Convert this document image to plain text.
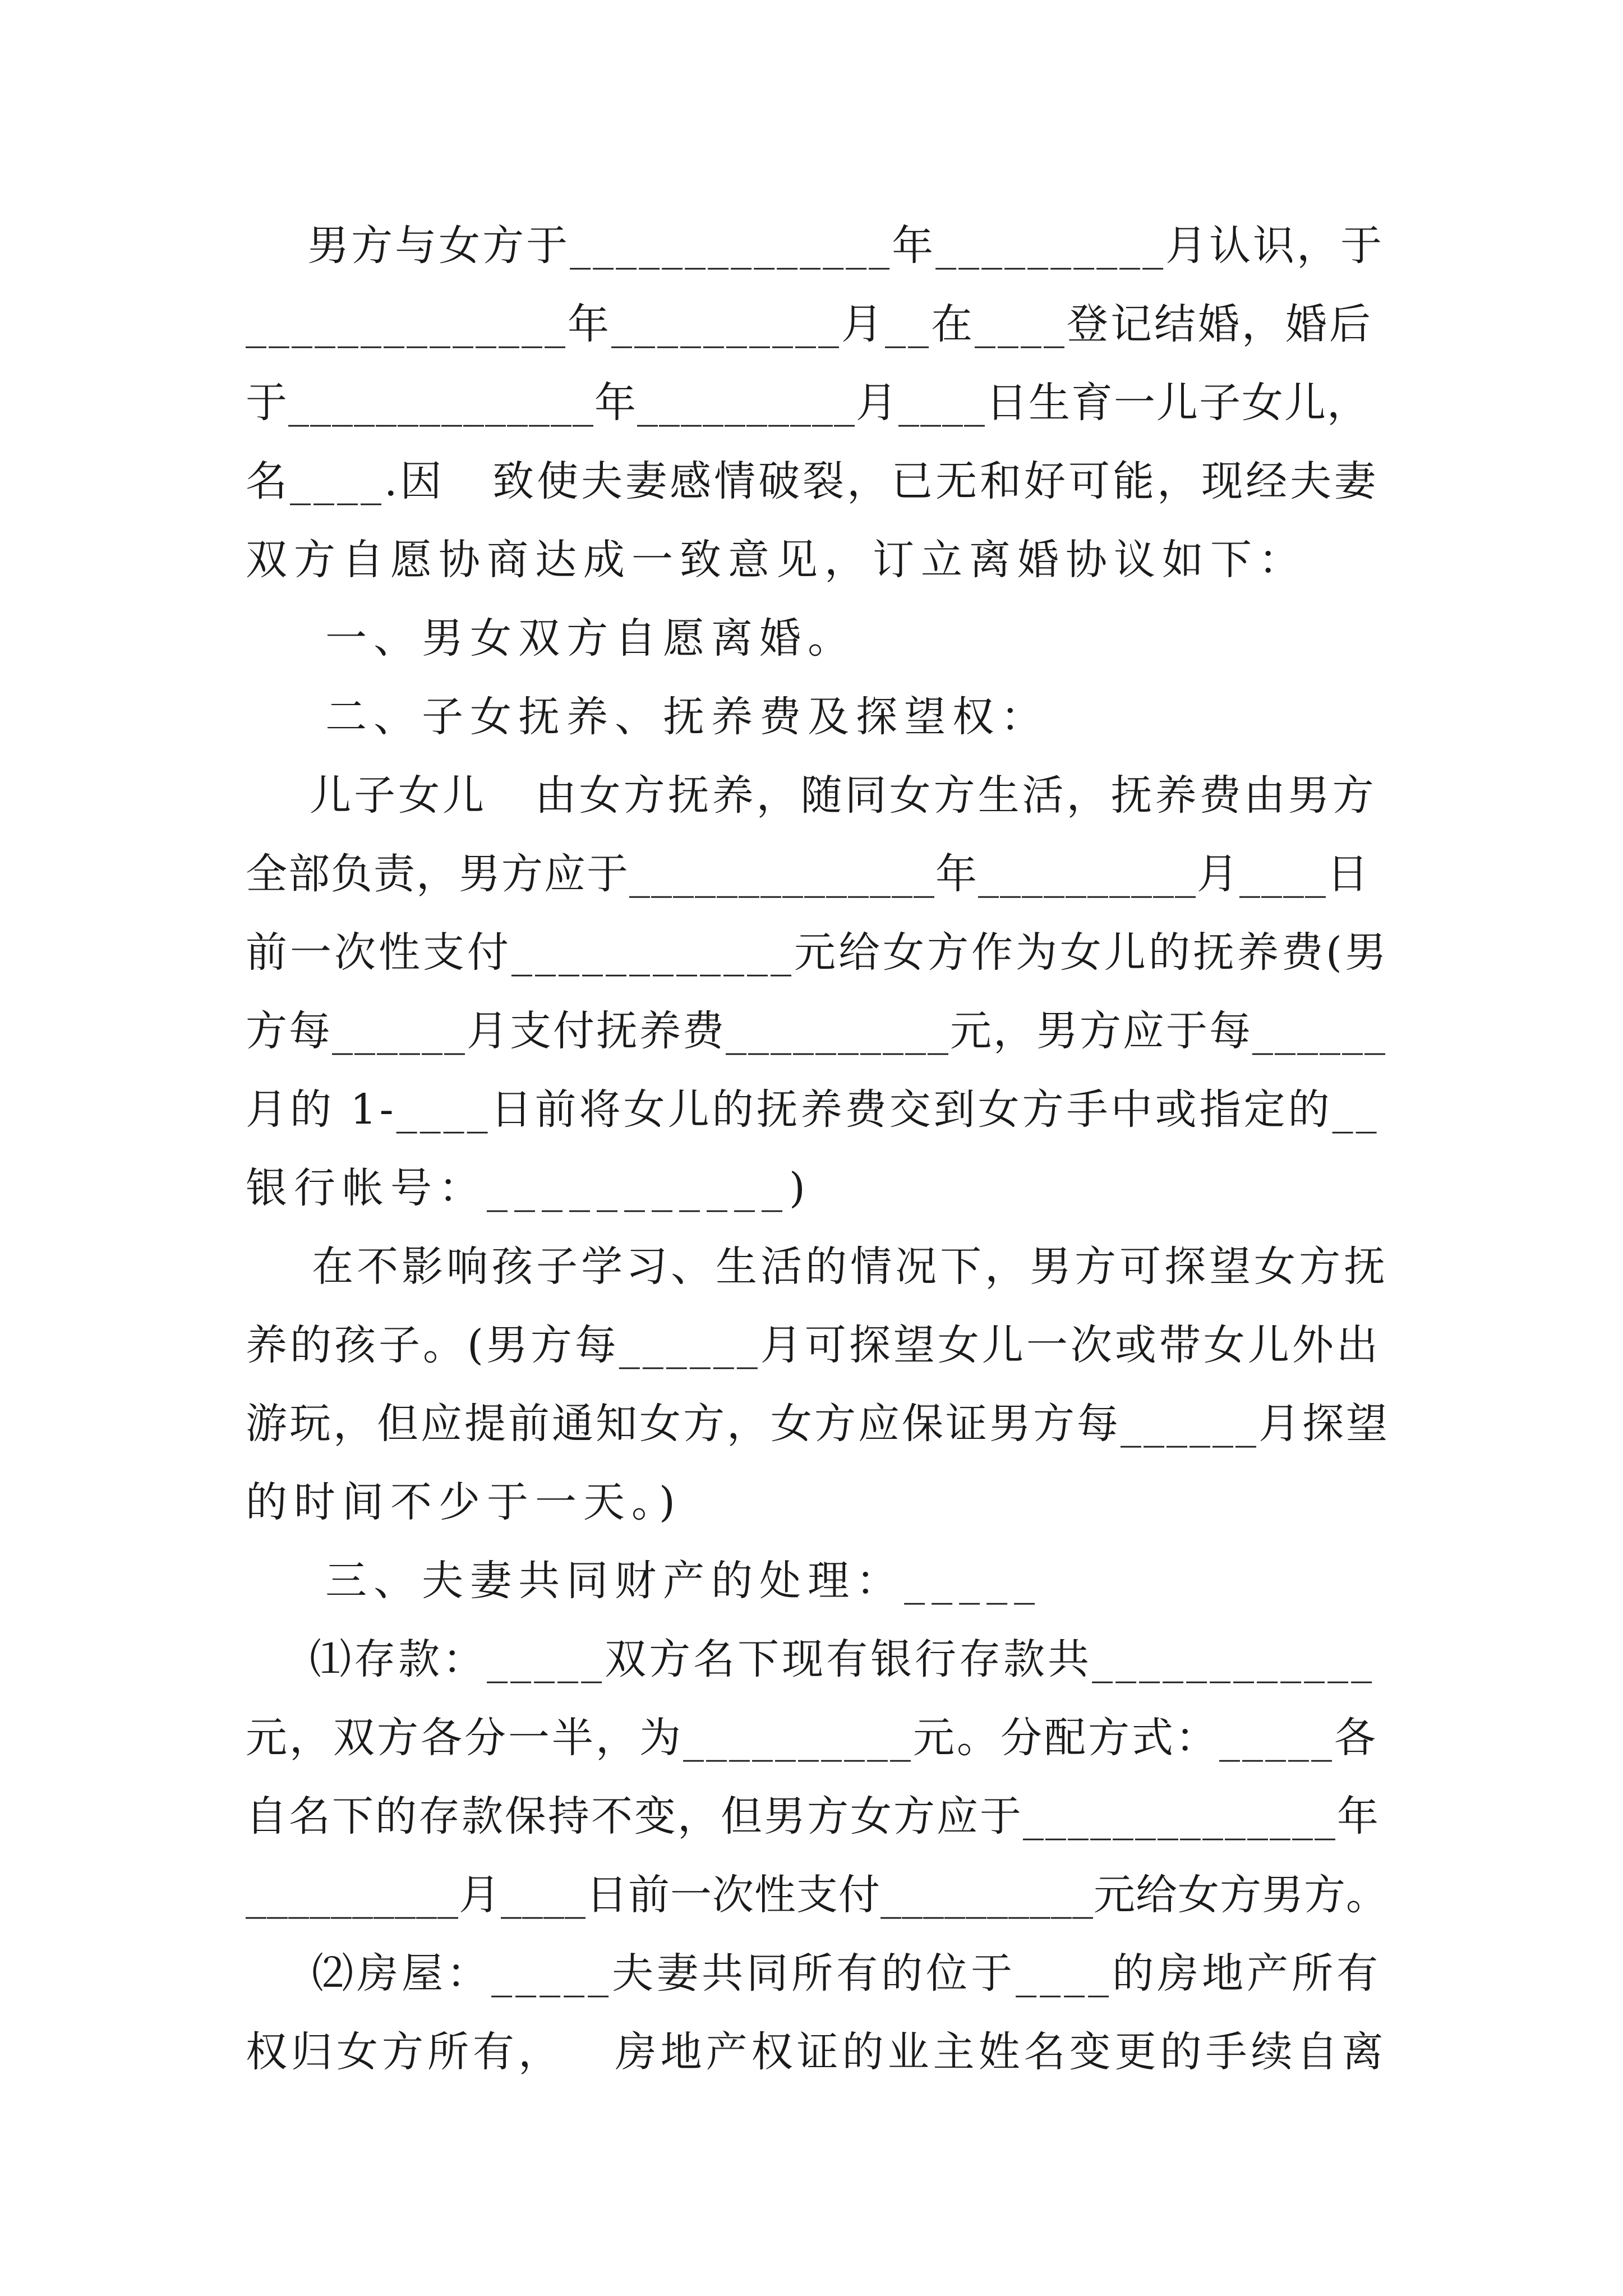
男方与女方于______________年__________月认识，于
______________年__________月__在____登记结婚，婚后
于______________年__________月____日生育一儿子女儿，
名____.因   致使夫妻感情破裂，已无和好可能，现经夫妻
双方自愿协商达成一致意见，订立离婚协议如下：
一、男女双方自愿离婚。
二、子女抚养、抚养费及探望权：
儿子女儿   由女方抚养，随同女方生活，抚养费由男方
全部负责，男方应于______________年__________月____日
前一次性支付____________元给女方作为女儿的抚养费(男
方每______月支付抚养费__________元，男方应于每______
月的 1-____日前将女儿的抚养费交到女方手中或指定的__
银行帐号：___________)
在不影响孩子学习、生活的情况下，男方可探望女方抚
养的孩子。(男方每______月可探望女儿一次或带女儿外出
游玩，但应提前通知女方，女方应保证男方每______月探望
的时间不少于一天。)
三、夫妻共同财产的处理：_____
⑴存款：_____双方名下现有银行存款共____________
元，双方各分一半，为__________元。分配方式：_____各
自名下的存款保持不变，但男方女方应于______________年
__________月____日前一次性支付__________元给女方男方。
⑵房屋：_____夫妻共同所有的位于____的房地产所有
权归女方所有，   房地产权证的业主姓名变更的手续自离
